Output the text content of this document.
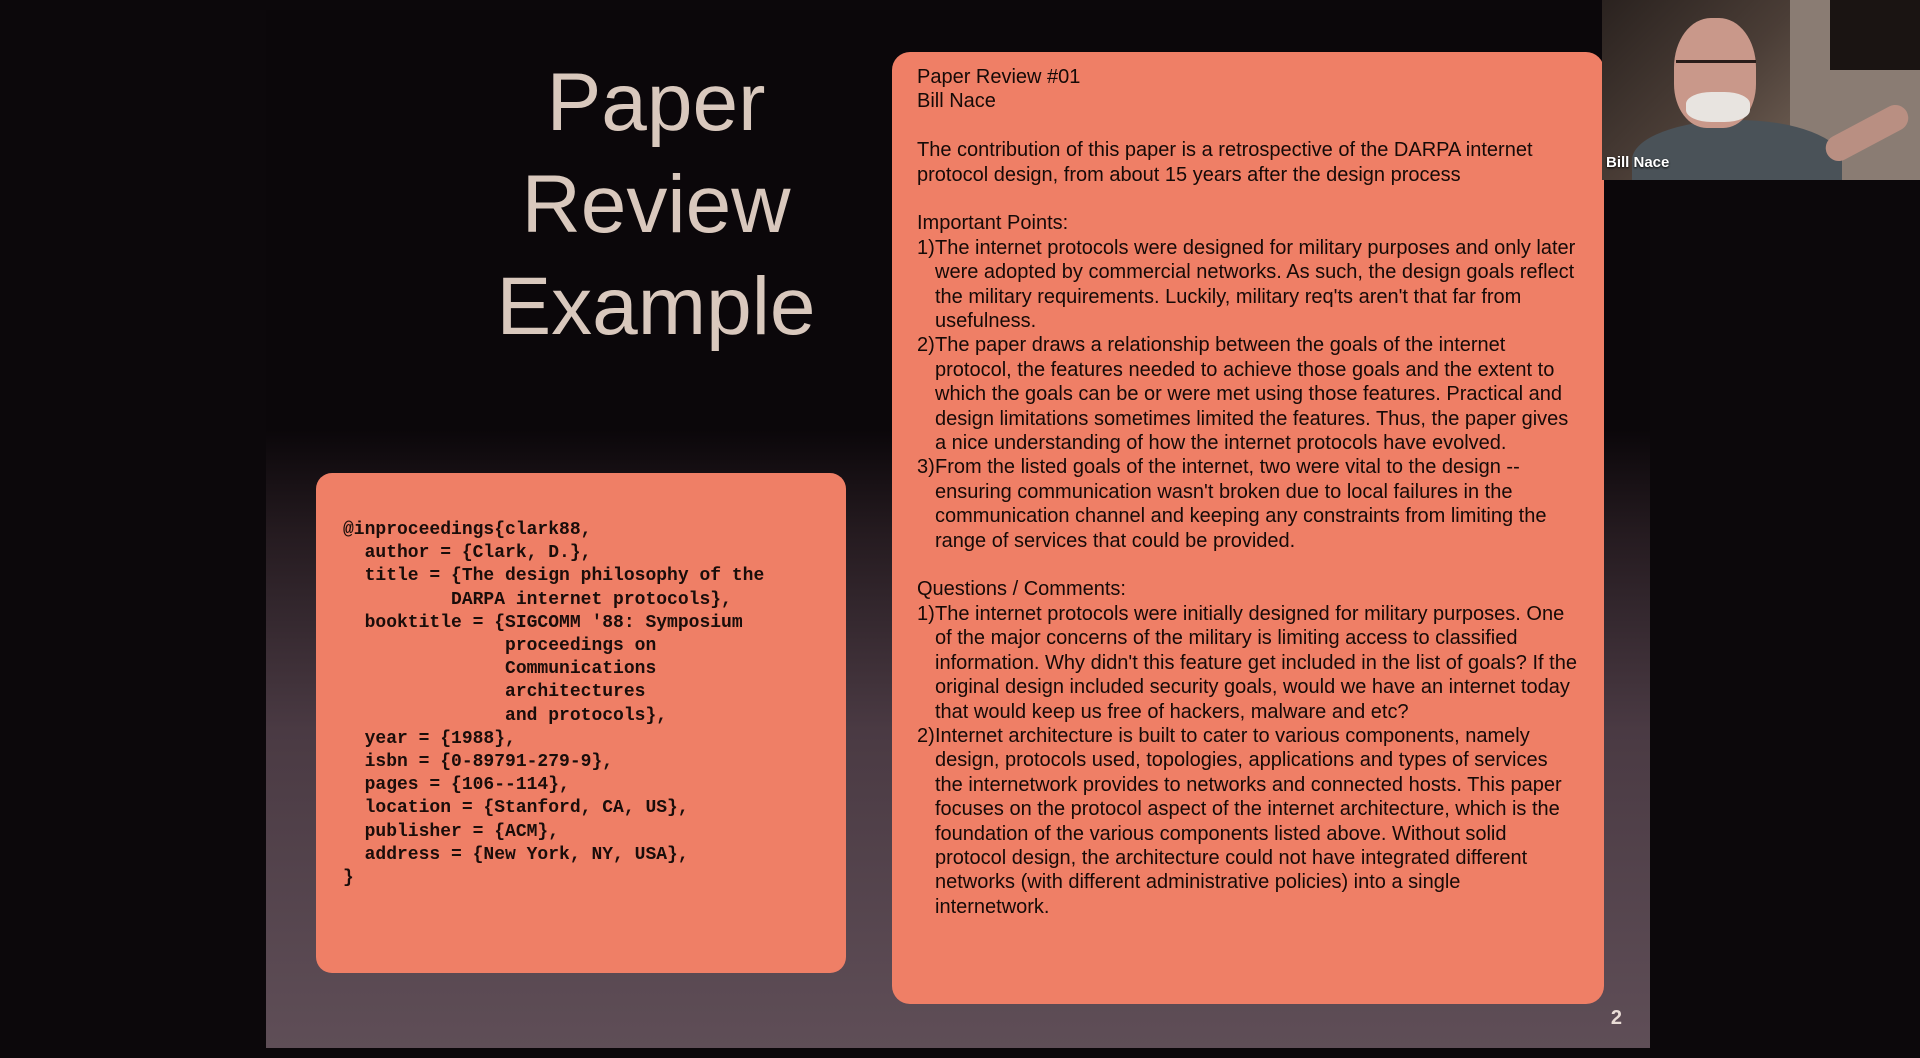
Paper
Review
Example
@inproceedings{clark88,
author = {Clark, D.},
title = {The design philosophy of the
DARPA internet protocols},
booktitle = {SIGCOMM '88: Symposium
proceedings on
Communications
architectures
and protocols},
year = {1988},
isbn = {0-89791-279-9},
pages = {106--114},
location = {Stanford, CA, US},
publisher = {ACM},
address = {New York, NY, USA},
}

Paper Review #01

Bill Nace

The contribution of this paper is a retrospective of the DARPA internet protocol design, from about 15 years after the design process

Important Points:

1) The internet protocols were designed for military purposes and only later were adopted by commercial networks. As such, the design goals reflect the military requirements. Luckily, military req'ts aren't that far from usefulness.
2) The paper draws a relationship between the goals of the internet protocol, the features needed to achieve those goals and the extent to which the goals can be or were met using those features. Practical and design limitations sometimes limited the features. Thus, the paper gives a nice understanding of how the internet protocols have evolved.
3) From the listed goals of the internet, two were vital to the design -- ensuring communication wasn't broken due to local failures in the communication channel and keeping any constraints from limiting the range of services that could be provided.

Questions / Comments:

1) The internet protocols were initially designed for military purposes. One of the major concerns of the military is limiting access to classified information. Why didn't this feature get included in the list of goals? If the original design included security goals, would we have an internet today that would keep us free of hackers, malware and etc?
2) Internet architecture is built to cater to various components, namely design, protocols used, topologies, applications and types of services the internetwork provides to networks and connected hosts. This paper focuses on the protocol aspect of the internet architecture, which is the foundation of the various components listed above. Without solid protocol design, the architecture could not have integrated different networks (with different administrative policies) into a single internetwork.
2
Bill Nace
